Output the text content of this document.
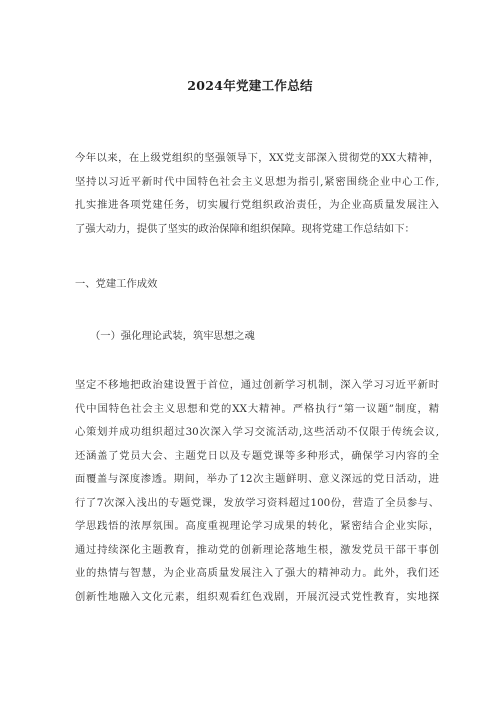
2024年党建工作总结
今年以来，在上级党组织的坚强领导下，XX党支部深入贯彻党的XX大精神，
坚持以习近平新时代中国特色社会主义思想为指引,紧密围绕企业中心工作,
扎实推进各项党建任务，切实履行党组织政治责任，为企业高质量发展注入
了强大动力，提供了坚实的政治保障和组织保障。现将党建工作总结如下：
一、党建工作成效
（一）强化理论武装，筑牢思想之魂
坚定不移地把政治建设置于首位，通过创新学习机制，深入学习习近平新时
代中国特色社会主义思想和党的XX大精神。严格执行“第一议题”制度，精
心策划并成功组织超过30次深入学习交流活动,这些活动不仅限于传统会议,
还涵盖了党员大会、主题党日以及专题党课等多种形式，确保学习内容的全
面覆盖与深度渗透。期间，举办了12次主题鲜明、意义深远的党日活动，进
行了7次深入浅出的专题党课，发放学习资料超过100份，营造了全员参与、
学思践悟的浓厚氛围。高度重视理论学习成果的转化，紧密结合企业实际，
通过持续深化主题教育，推动党的创新理论落地生根，激发党员干部干事创
业的热情与智慧，为企业高质量发展注入了强大的精神动力。此外，我们还
创新性地融入文化元素，组织观看红色戏剧，开展沉浸式党性教育，实地探
